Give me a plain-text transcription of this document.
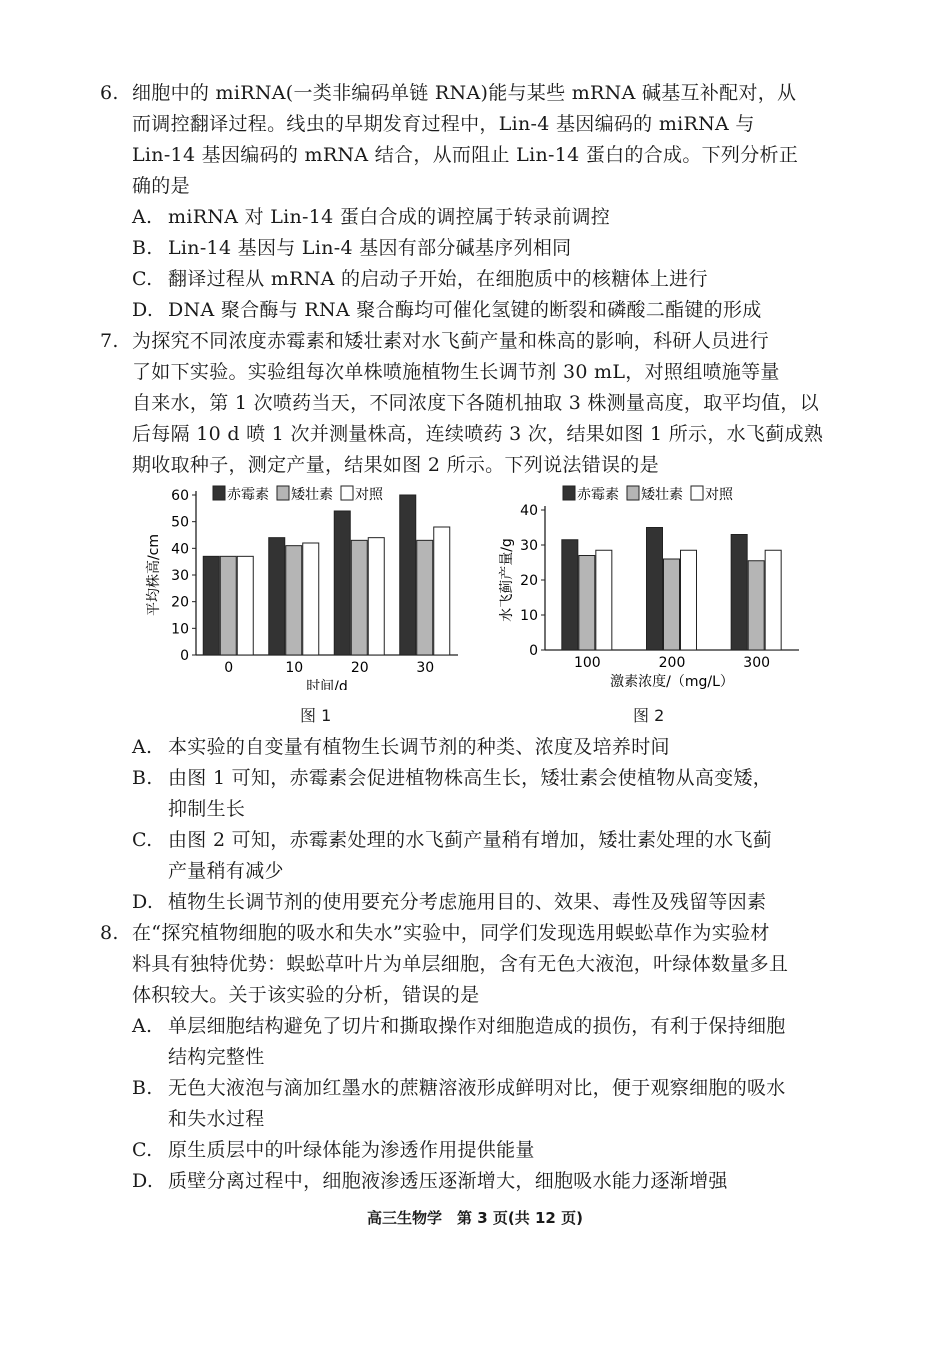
6. 细胞中的 miRNA(一类非编码单链 RNA)能与某些 mRNA 碱基互补配对，从
而调控翻译过程。线虫的早期发育过程中，Lin-4 基因编码的 miRNA 与
Lin-14 基因编码的 mRNA 结合，从而阻止 Lin-14 蛋白的合成。下列分析正
确的是
A. miRNA 对 Lin-14 蛋白合成的调控属于转录前调控
B. Lin-14 基因与 Lin-4 基因有部分碱基序列相同
C. 翻译过程从 mRNA 的启动子开始，在细胞质中的核糖体上进行
D. DNA 聚合酶与 RNA 聚合酶均可催化氢键的断裂和磷酸二酯键的形成
7. 为探究不同浓度赤霉素和矮壮素对水飞蓟产量和株高的影响，科研人员进行
了如下实验。实验组每次单株喷施植物生长调节剂 30 mL，对照组喷施等量
自来水，第 1 次喷药当天，不同浓度下各随机抽取 3 株测量高度，取平均值，以
后每隔 10 d 喷 1 次并测量株高，连续喷药 3 次，结果如图 1 所示，水飞蓟成熟
期收取种子，测定产量，结果如图 2 所示。下列说法错误的是
0
10
20
30
40
50
60
平均株高/cm
0	10	20	30
时间/d
赤霉素 矮壮素 对照
图 1
0
10
20
30
40
水飞蓟产量/g
100	200	300
激素浓度/（mg/L）
赤霉素 矮壮素 对照
图 2
A. 本实验的自变量有植物生长调节剂的种类、浓度及培养时间
B. 由图 1 可知，赤霉素会促进植物株高生长，矮壮素会使植物从高变矮，
抑制生长
C. 由图 2 可知，赤霉素处理的水飞蓟产量稍有增加，矮壮素处理的水飞蓟
产量稍有减少
D. 植物生长调节剂的使用要充分考虑施用目的、效果、毒性及残留等因素
8. 在“探究植物细胞的吸水和失水”实验中，同学们发现选用蜈蚣草作为实验材
料具有独特优势：蜈蚣草叶片为单层细胞，含有无色大液泡，叶绿体数量多且
体积较大。关于该实验的分析，错误的是
A. 单层细胞结构避免了切片和撕取操作对细胞造成的损伤，有利于保持细胞
结构完整性
B. 无色大液泡与滴加红墨水的蔗糖溶液形成鲜明对比，便于观察细胞的吸水
和失水过程
C. 原生质层中的叶绿体能为渗透作用提供能量
D. 质壁分离过程中，细胞液渗透压逐渐增大，细胞吸水能力逐渐增强
高三生物学　第 3 页(共 12 页)
